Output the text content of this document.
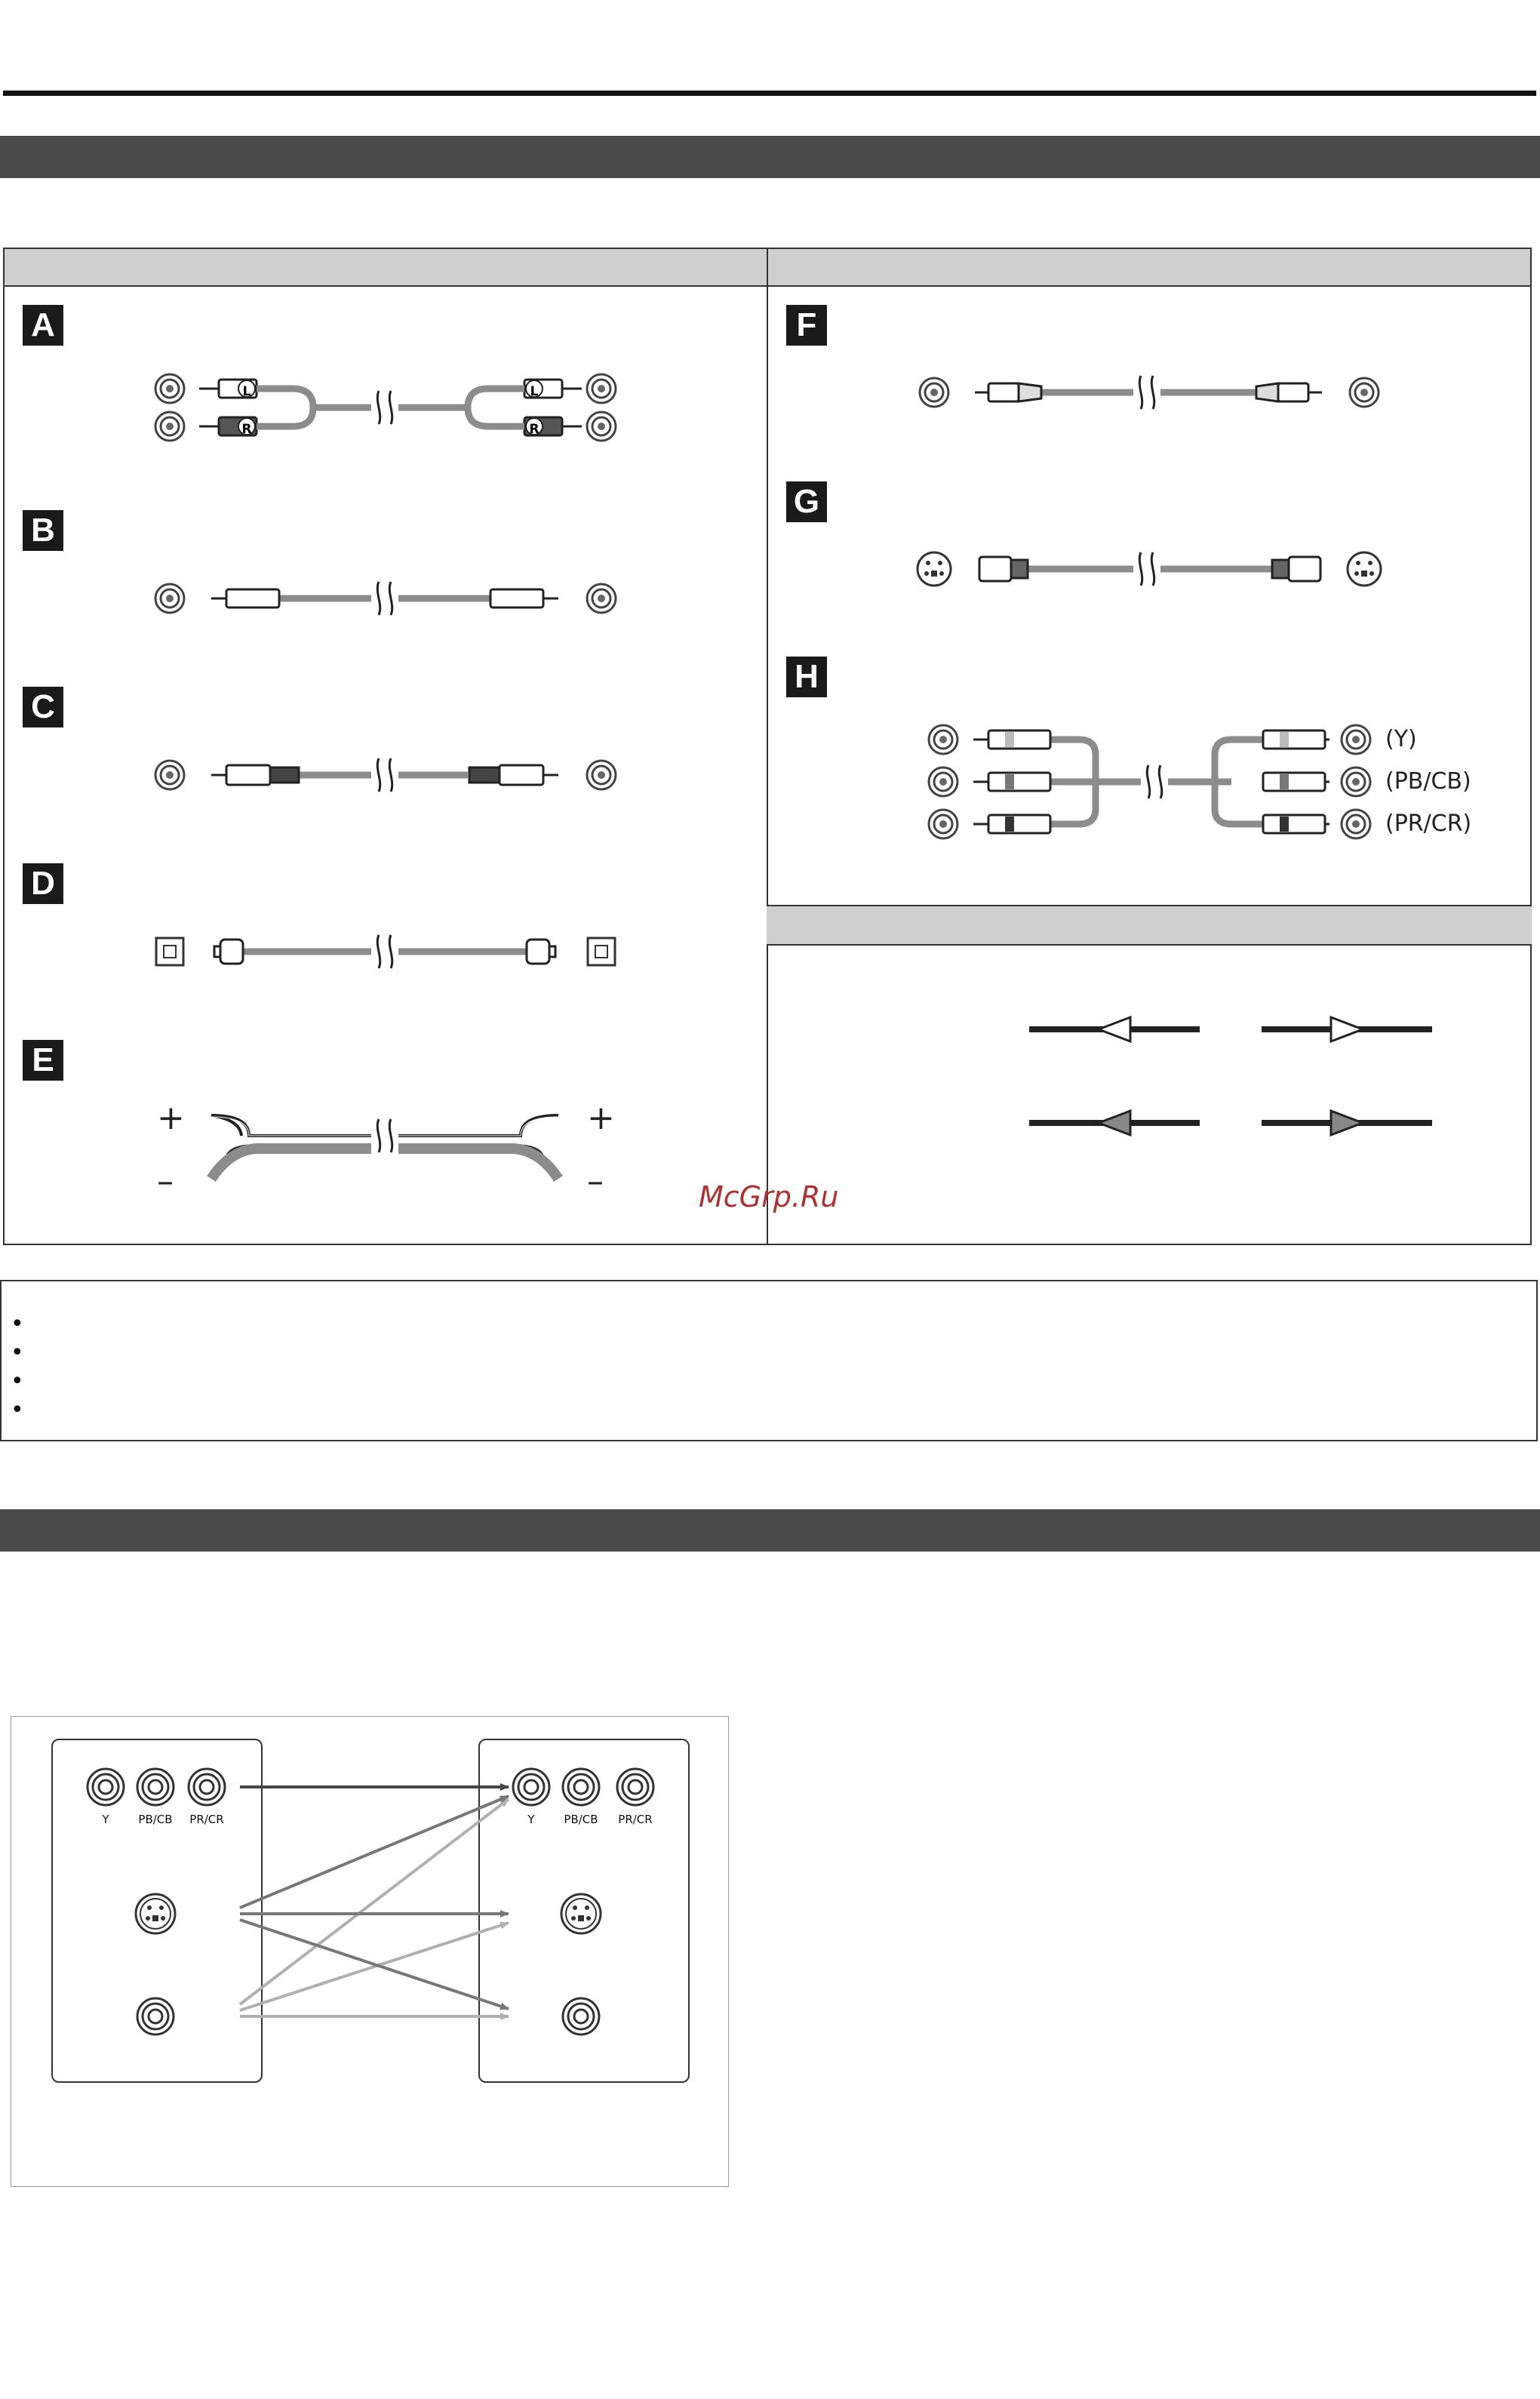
A
B
C
D
E
F
G
H
L
R
L
R
+
–
+
–
(Y)
(PB/CB)
(PR/CR)
McGrp.Ru
•
•
•
•
Y	PB/CB	PR/CR	Y	PB/CB	PR/CR
